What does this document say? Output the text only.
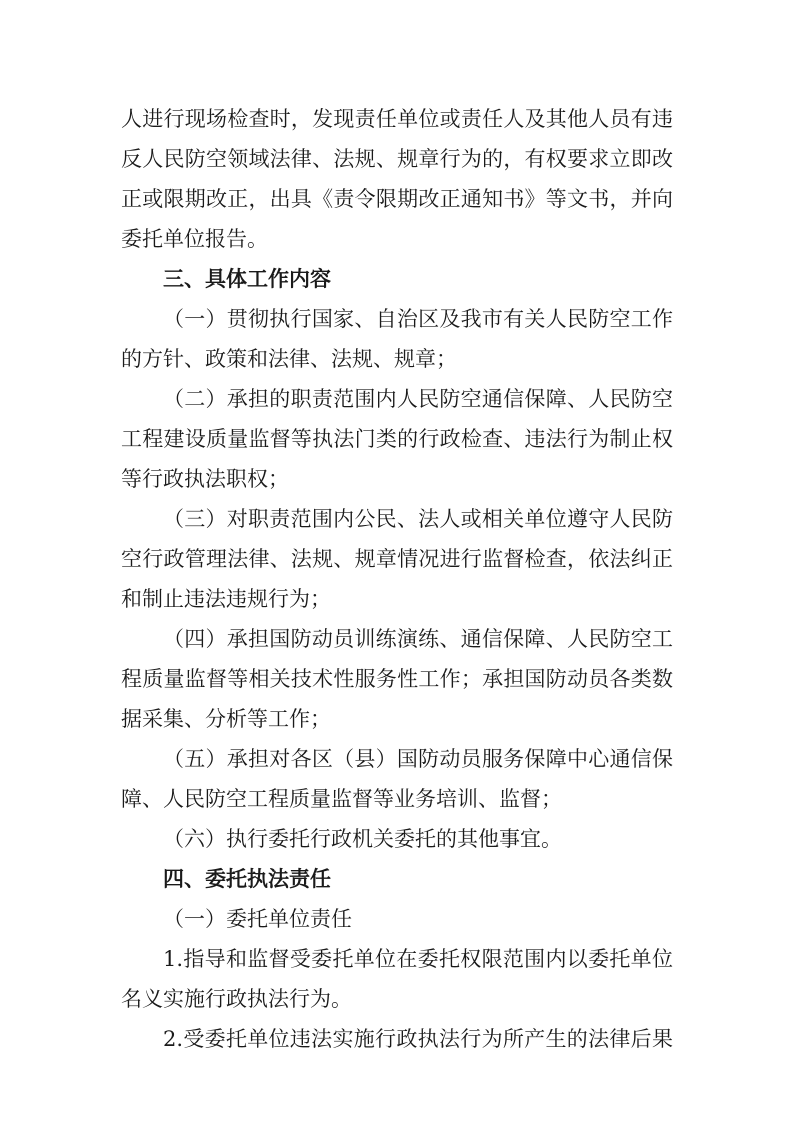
人进行现场检查时，发现责任单位或责任人及其他人员有违
反人民防空领域法律、法规、规章行为的，有权要求立即改
正或限期改正，出具《责令限期改正通知书》等文书，并向
委托单位报告。
三、具体工作内容
（一）贯彻执行国家、自治区及我市有关人民防空工作
的方针、政策和法律、法规、规章；
（二）承担的职责范围内人民防空通信保障、人民防空
工程建设质量监督等执法门类的行政检查、违法行为制止权
等行政执法职权；
（三）对职责范围内公民、法人或相关单位遵守人民防
空行政管理法律、法规、规章情况进行监督检查，依法纠正
和制止违法违规行为；
（四）承担国防动员训练演练、通信保障、人民防空工
程质量监督等相关技术性服务性工作；承担国防动员各类数
据采集、分析等工作；
（五）承担对各区（县）国防动员服务保障中心通信保
障、人民防空工程质量监督等业务培训、监督；
（六）执行委托行政机关委托的其他事宜。
四、委托执法责任
（一）委托单位责任
1.指导和监督受委托单位在委托权限范围内以委托单位
名义实施行政执法行为。
2.受委托单位违法实施行政执法行为所产生的法律后果
